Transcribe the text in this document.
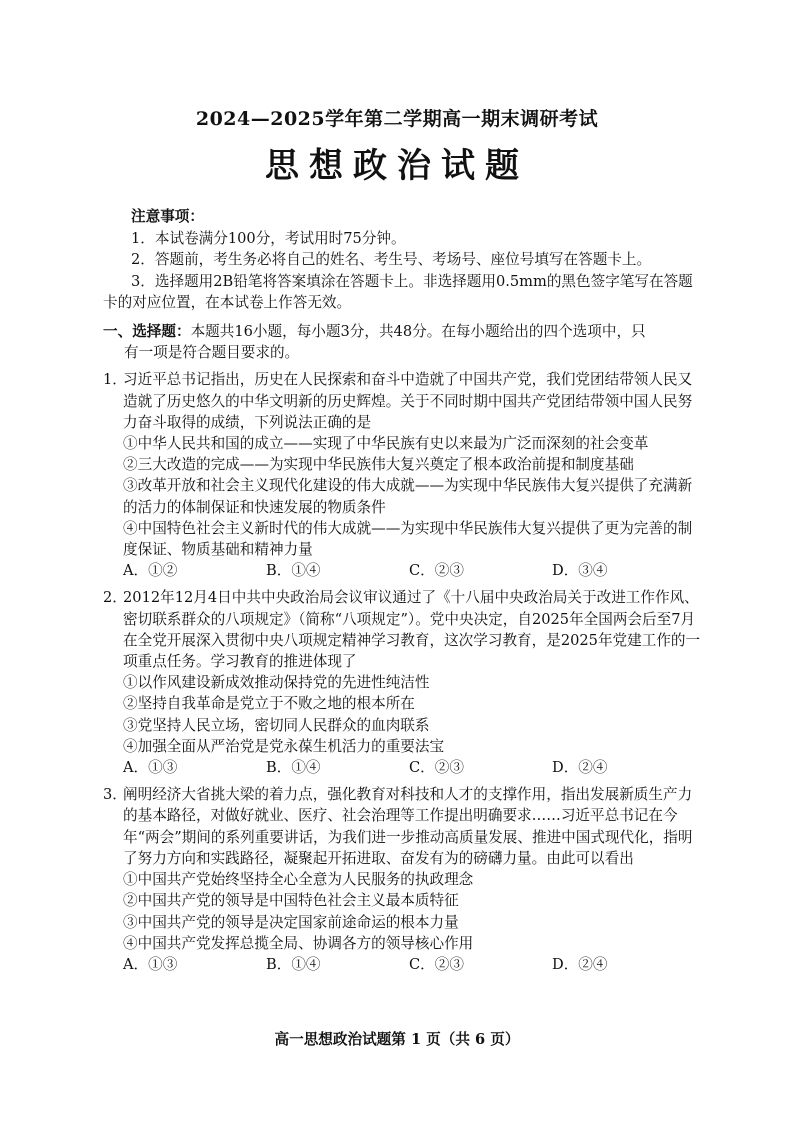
2024—2025学年第二学期高一期末调研考试
思想政治试题
注意事项：

1．本试卷满分100分，考试用时75分钟。

2．答题前，考生务必将自己的姓名、考生号、考场号、座位号填写在答题卡上。

3．选择题用2B铅笔将答案填涂在答题卡上。非选择题用0.5mm的黑色签字笔写在答题卡的对应位置，在本试卷上作答无效。

一、选择题：本题共16小题，每小题3分，共48分。在每小题给出的四个选项中，只
有一项是符合题目要求的。
1．
习近平总书记指出，历史在人民探索和奋斗中造就了中国共产党，我们党团结带领人民又造就了历史悠久的中华文明新的历史辉煌。关于不同时期中国共产党团结带领中国人民努力奋斗取得的成绩，下列说法正确的是

①中华人民共和国的成立——实现了中华民族有史以来最为广泛而深刻的社会变革

②三大改造的完成——为实现中华民族伟大复兴奠定了根本政治前提和制度基础

③改革开放和社会主义现代化建设的伟大成就——为实现中华民族伟大复兴提供了充满新的活力的体制保证和快速发展的物质条件

④中国特色社会主义新时代的伟大成就——为实现中华民族伟大复兴提供了更为完善的制度保证、物质基础和精神力量

A．①②	B．①④	C．②③	D．③④
2．
2012年12月4日中共中央政治局会议审议通过了《十八届中央政治局关于改进工作作风、密切联系群众的八项规定》（简称“八项规定”）。党中央决定，自2025年全国两会后至7月在全党开展深入贯彻中央八项规定精神学习教育，这次学习教育，是2025年党建工作的一项重点任务。学习教育的推进体现了

①以作风建设新成效推动保持党的先进性纯洁性

②坚持自我革命是党立于不败之地的根本所在

③党坚持人民立场，密切同人民群众的血肉联系

④加强全面从严治党是党永葆生机活力的重要法宝

A．①③	B．①④	C．②③	D．②④
3．
阐明经济大省挑大梁的着力点，强化教育对科技和人才的支撑作用，指出发展新质生产力的基本路径，对做好就业、医疗、社会治理等工作提出明确要求……习近平总书记在今年“两会”期间的系列重要讲话，为我们进一步推动高质量发展、推进中国式现代化，指明了努力方向和实践路径，凝聚起开拓进取、奋发有为的磅礴力量。由此可以看出

①中国共产党始终坚持全心全意为人民服务的执政理念

②中国共产党的领导是中国特色社会主义最本质特征

③中国共产党的领导是决定国家前途命运的根本力量

④中国共产党发挥总揽全局、协调各方的领导核心作用

A．①③	B．①④	C．②③	D．②④
高一思想政治试题第 1 页（共 6 页）
